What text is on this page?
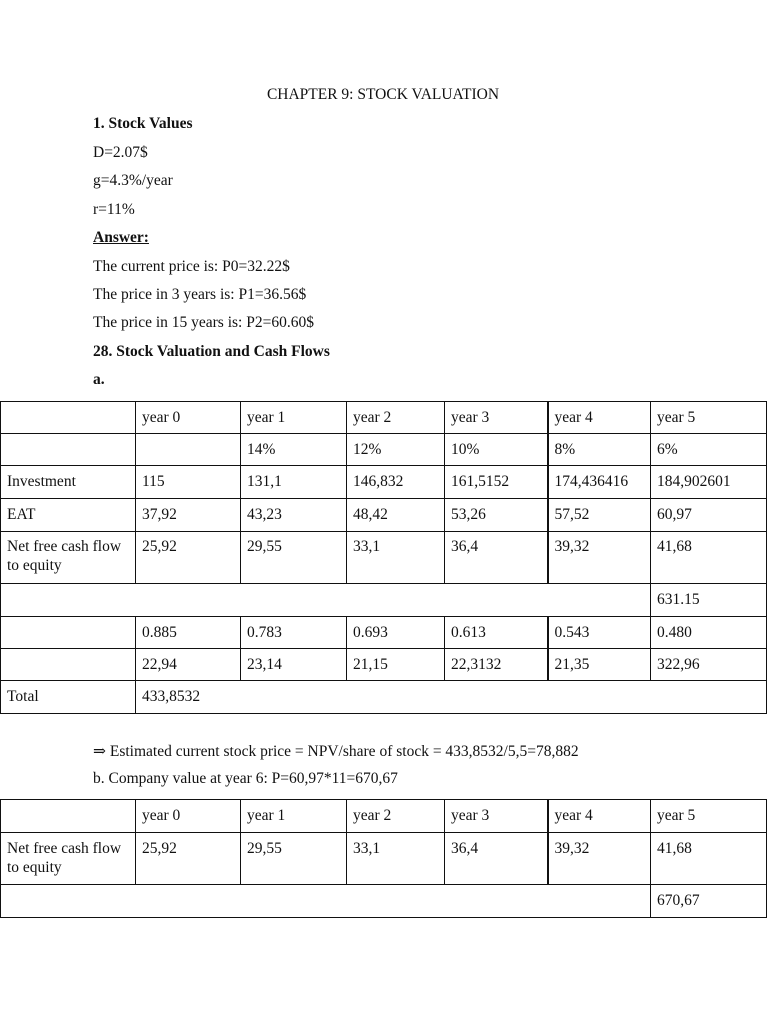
CHAPTER 9: STOCK VALUATION
1. Stock Values
D=2.07$
g=4.3%/year
r=11%
Answer:
The current price is: P0=32.22$
The price in 3 years is: P1=36.56$
The price in 15 years is: P2=60.60$
28. Stock Valuation and Cash Flows
a.
	year 0	year 1	year 2	year 3	year 4	year 5
		14%	12%	10%	8%	6%
Investment	115	131,1	146,832	161,5152	174,436416	184,902601
EAT	37,92	43,23	48,42	53,26	57,52	60,97
Net free cash flow to equity	25,92	29,55	33,1	36,4	39,32	41,68
						631.15
	0.885	0.783	0.693	0.613	0.543	0.480
	22,94	23,14	21,15	22,3132	21,35	322,96
Total	433,8532					
⇒ Estimated current stock price = NPV/share of stock = 433,8532/5,5=78,882
b. Company value at year 6: P=60,97*11=670,67
	year 0	year 1	year 2	year 3	year 4	year 5
Net free cash flow to equity	25,92	29,55	33,1	36,4	39,32	41,68
						670,67
